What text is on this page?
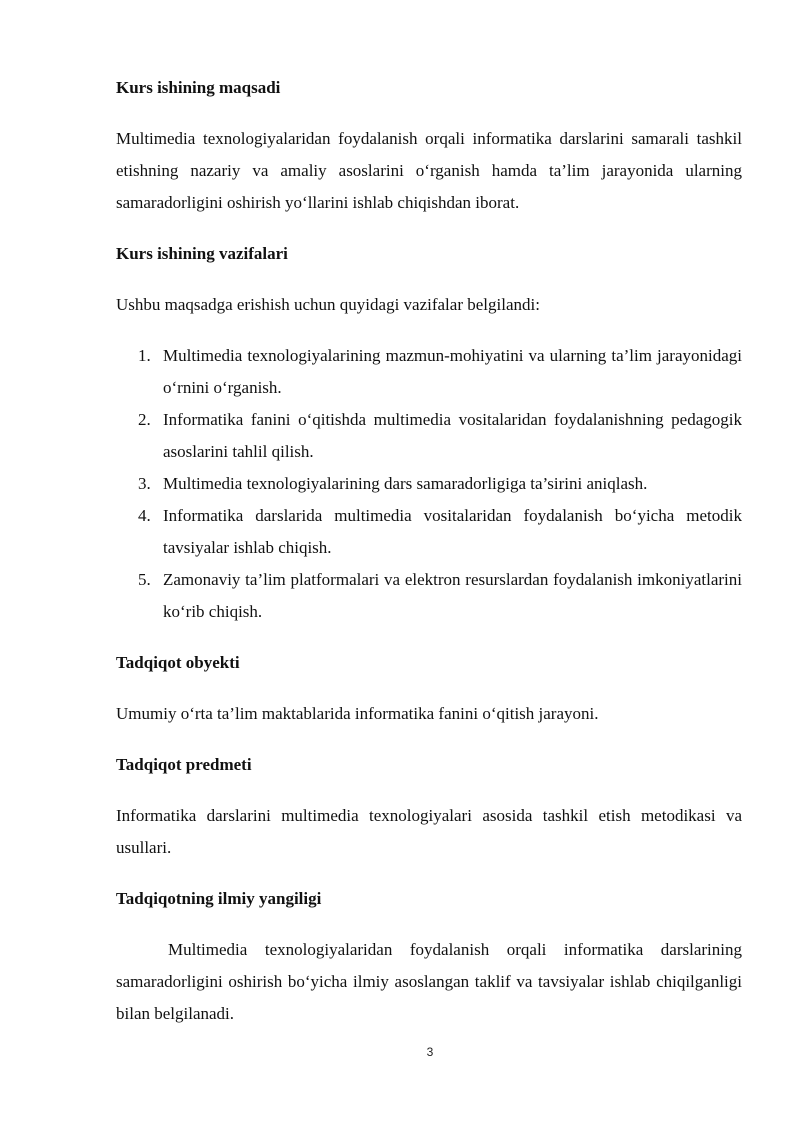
Kurs ishining maqsadi

Multimedia texnologiyalaridan foydalanish orqali informatika darslarini samarali tashkil etishning nazariy va amaliy asoslarini o‘rganish hamda ta’lim jarayonida ularning samaradorligini oshirish yo‘llarini ishlab chiqishdan iborat.

Kurs ishining vazifalari

Ushbu maqsadga erishish uchun quyidagi vazifalar belgilandi:

1. Multimedia texnologiyalarining mazmun-mohiyatini va ularning ta’lim jarayonidagi o‘rnini o‘rganish.
2. Informatika fanini o‘qitishda multimedia vositalaridan foydalanishning pedagogik asoslarini tahlil qilish.
3. Multimedia texnologiyalarining dars samaradorligiga ta’sirini aniqlash.
4. Informatika darslarida multimedia vositalaridan foydalanish bo‘yicha metodik tavsiyalar ishlab chiqish.
5. Zamonaviy ta’lim platformalari va elektron resurslardan foydalanish imkoniyatlarini ko‘rib chiqish.

Tadqiqot obyekti

Umumiy o‘rta ta’lim maktablarida informatika fanini o‘qitish jarayoni.

Tadqiqot predmeti

Informatika darslarini multimedia texnologiyalari asosida tashkil etish metodikasi va usullari.

Tadqiqotning ilmiy yangiligi

Multimedia texnologiyalaridan foydalanish orqali informatika darslarining samaradorligini oshirish bo‘yicha ilmiy asoslangan taklif va tavsiyalar ishlab chiqilganligi bilan belgilanadi.

3
